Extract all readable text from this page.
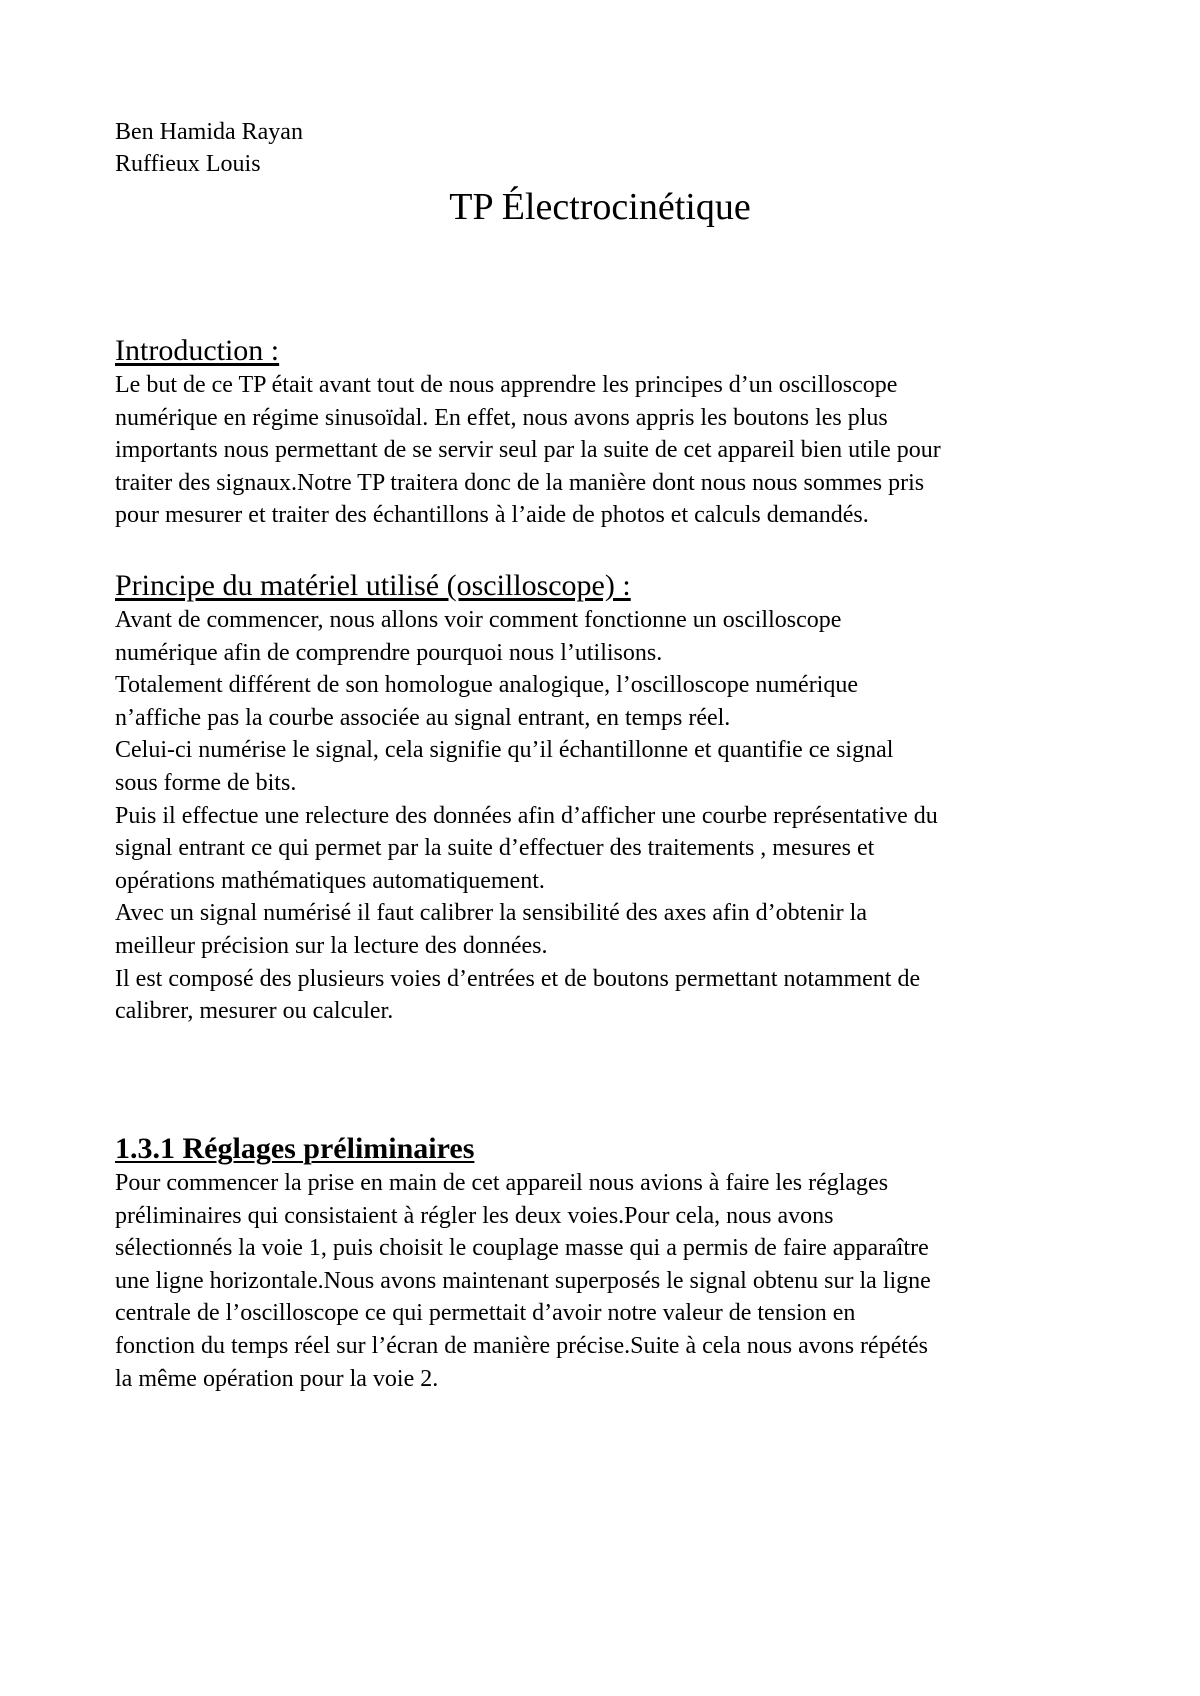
Ben Hamida Rayan
Ruffieux Louis
TP Électrocinétique
Introduction :
Le but de ce TP était avant tout de nous apprendre les principes d’un oscilloscope
numérique en régime sinusoïdal. En effet, nous avons appris les boutons les plus
importants nous permettant de se servir seul par la suite de cet appareil bien utile pour
traiter des signaux.Notre TP traitera donc de la manière dont nous nous sommes pris
pour mesurer et traiter des échantillons à l’aide de photos et calculs demandés.
Principe du matériel utilisé (oscilloscope) :
Avant de commencer, nous allons voir comment fonctionne un oscilloscope
numérique afin de comprendre pourquoi nous l’utilisons.
Totalement différent de son homologue analogique, l’oscilloscope numérique
n’affiche pas la courbe associée au signal entrant, en temps réel.
Celui-ci numérise le signal, cela signifie qu’il échantillonne et quantifie ce signal
sous forme de bits.
Puis il effectue une relecture des données afin d’afficher une courbe représentative du
signal entrant ce qui permet par la suite d’effectuer des traitements , mesures et
opérations mathématiques automatiquement.
Avec un signal numérisé il faut calibrer la sensibilité des axes afin d’obtenir la
meilleur précision sur la lecture des données.
Il est composé des plusieurs voies d’entrées et de boutons permettant notamment de
calibrer, mesurer ou calculer.
1.3.1 Réglages préliminaires
Pour commencer la prise en main de cet appareil nous avions à faire les réglages
préliminaires qui consistaient à régler les deux voies.Pour cela, nous avons
sélectionnés la voie 1, puis choisit le couplage masse qui a permis de faire apparaître
une ligne horizontale.Nous avons maintenant superposés le signal obtenu sur la ligne
centrale de l’oscilloscope ce qui permettait d’avoir notre valeur de tension en
fonction du temps réel sur l’écran de manière précise.Suite à cela nous avons répétés
la même opération pour la voie 2.
